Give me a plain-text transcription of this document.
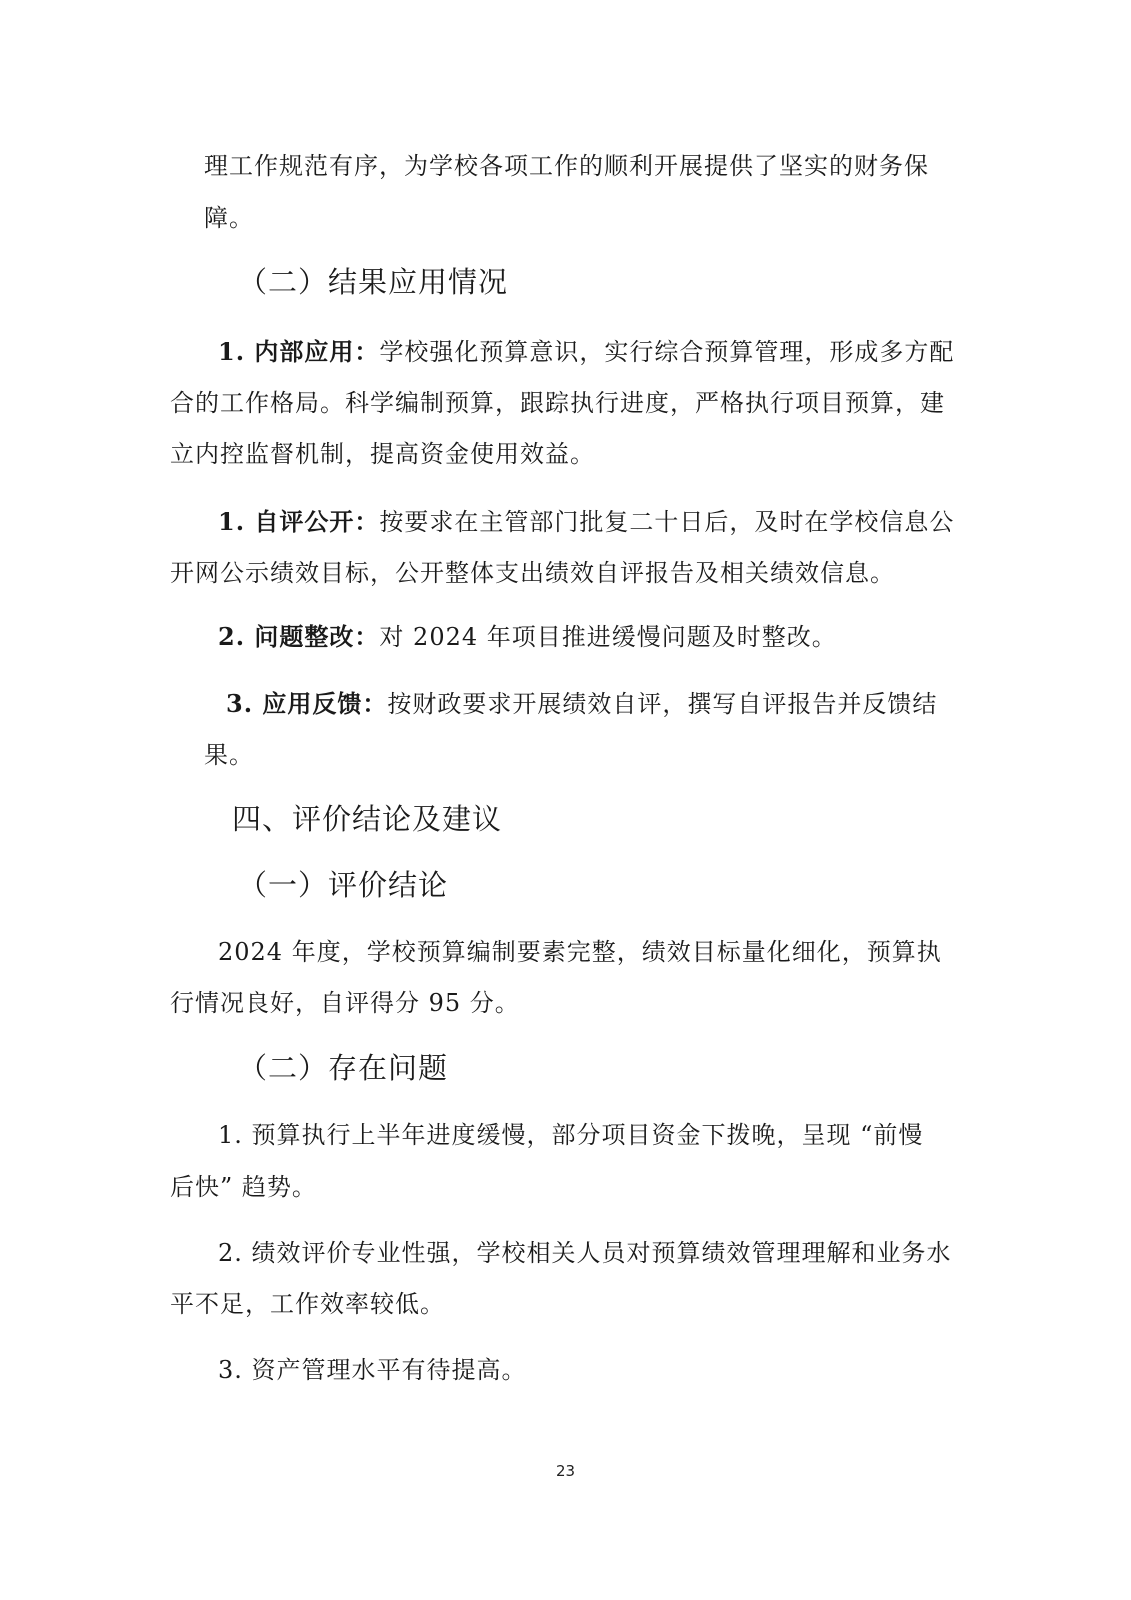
理工作规范有序，为学校各项工作的顺利开展提供了坚实的财务保
障。
（二）结果应用情况
1. 内部应用：学校强化预算意识，实行综合预算管理，形成多方配
合的工作格局。科学编制预算，跟踪执行进度，严格执行项目预算，建
立内控监督机制，提高资金使用效益。
1. 自评公开：按要求在主管部门批复二十日后，及时在学校信息公
开网公示绩效目标，公开整体支出绩效自评报告及相关绩效信息。
2. 问题整改：对 2024 年项目推进缓慢问题及时整改。
3. 应用反馈：按财政要求开展绩效自评，撰写自评报告并反馈结
果。
四、评价结论及建议
（一）评价结论
2024 年度，学校预算编制要素完整，绩效目标量化细化，预算执
行情况良好，自评得分 95 分。
（二）存在问题
1. 预算执行上半年进度缓慢，部分项目资金下拨晚，呈现 “前慢
后快” 趋势。
2. 绩效评价专业性强，学校相关人员对预算绩效管理理解和业务水
平不足，工作效率较低。
3. 资产管理水平有待提高。
23
